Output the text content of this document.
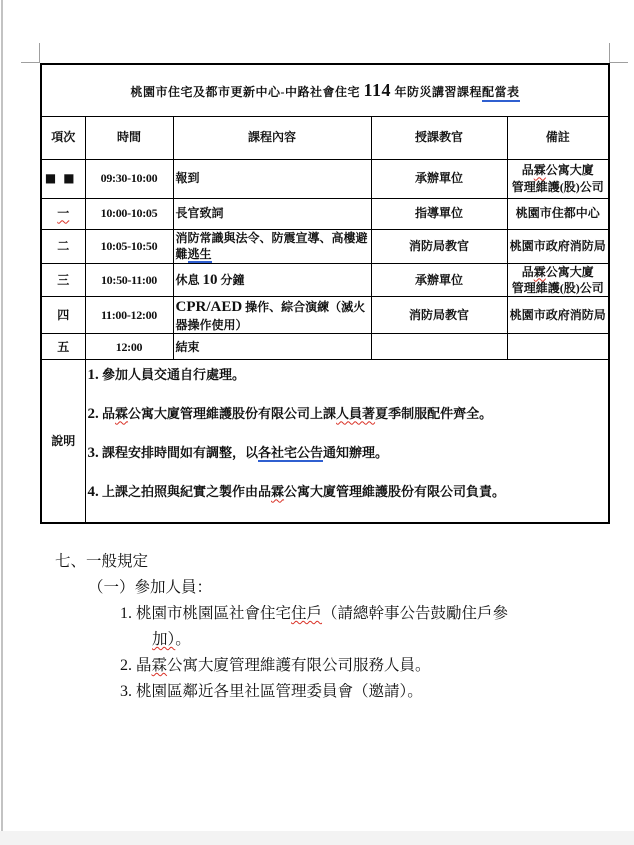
桃園市住宅及都市更新中心-中路社會住宅 114 年防災講習課程配當表				
項次	時間	課程內容	授課教官	備註
■■	09:30-10:00	報到	承辦單位	品霖公寓大廈
管理維護(股)公司
一	10:00-10:05	長官致詞	指導單位	桃園市住都中心
二	10:05-10:50	消防常識與法令、防震宣導、高樓避難逃生	消防局教官	桃園市政府消防局
三	10:50-11:00	休息 10 分鐘	承辦單位	品霖公寓大廈
管理維護(股)公司
四	11:00-12:00	CPR/AED 操作、綜合演練（滅火器操作使用）	消防局教官	桃園市政府消防局
五	12:00	結束		
說明	1. 參加人員交通自行處理。

2. 品霖公寓大廈管理維護股份有限公司上課人員著夏季制服配件齊全。

3. 課程安排時間如有調整，以各社宅公告通知辦理。

4. 上課之拍照與紀實之製作由品霖公寓大廈管理維護股份有限公司負責。			

七、一般規定
（一）參加人員：
1. 桃園市桃園區社會住宅住戶（請總幹事公告鼓勵住戶參
加）。
2. 晶霖公寓大廈管理維護有限公司服務人員。
3. 桃園區鄰近各里社區管理委員會（邀請）。
